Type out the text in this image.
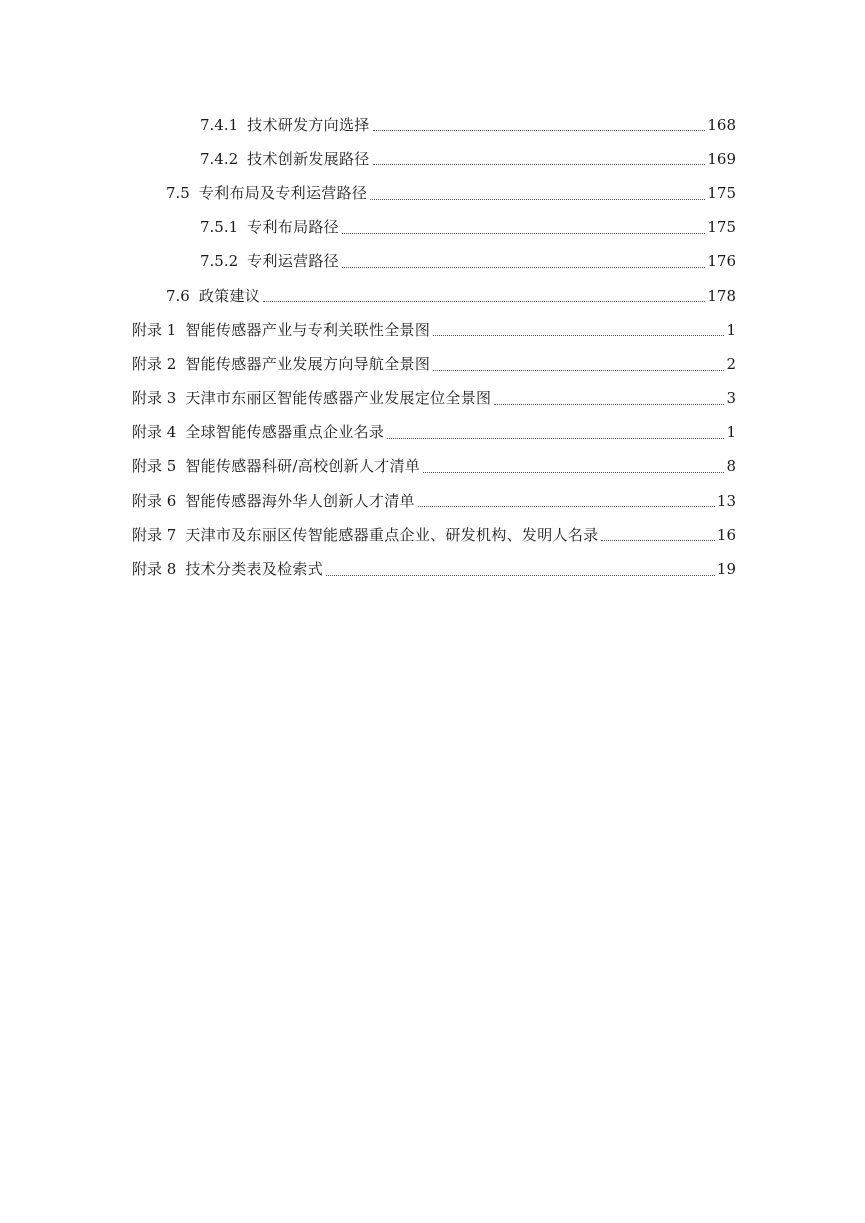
7.4.1 技术研发方向选择	168
7.4.2 技术创新发展路径	169
7.5 专利布局及专利运营路径	175
7.5.1 专利布局路径	175
7.5.2 专利运营路径	176
7.6 政策建议	178
附录 1 智能传感器产业与专利关联性全景图	1
附录 2 智能传感器产业发展方向导航全景图	2
附录 3 天津市东丽区智能传感器产业发展定位全景图	3
附录 4 全球智能传感器重点企业名录	1
附录 5 智能传感器科研/高校创新人才清单	8
附录 6 智能传感器海外华人创新人才清单	13
附录 7 天津市及东丽区传智能感器重点企业、研发机构、发明人名录	16
附录 8 技术分类表及检索式	19
